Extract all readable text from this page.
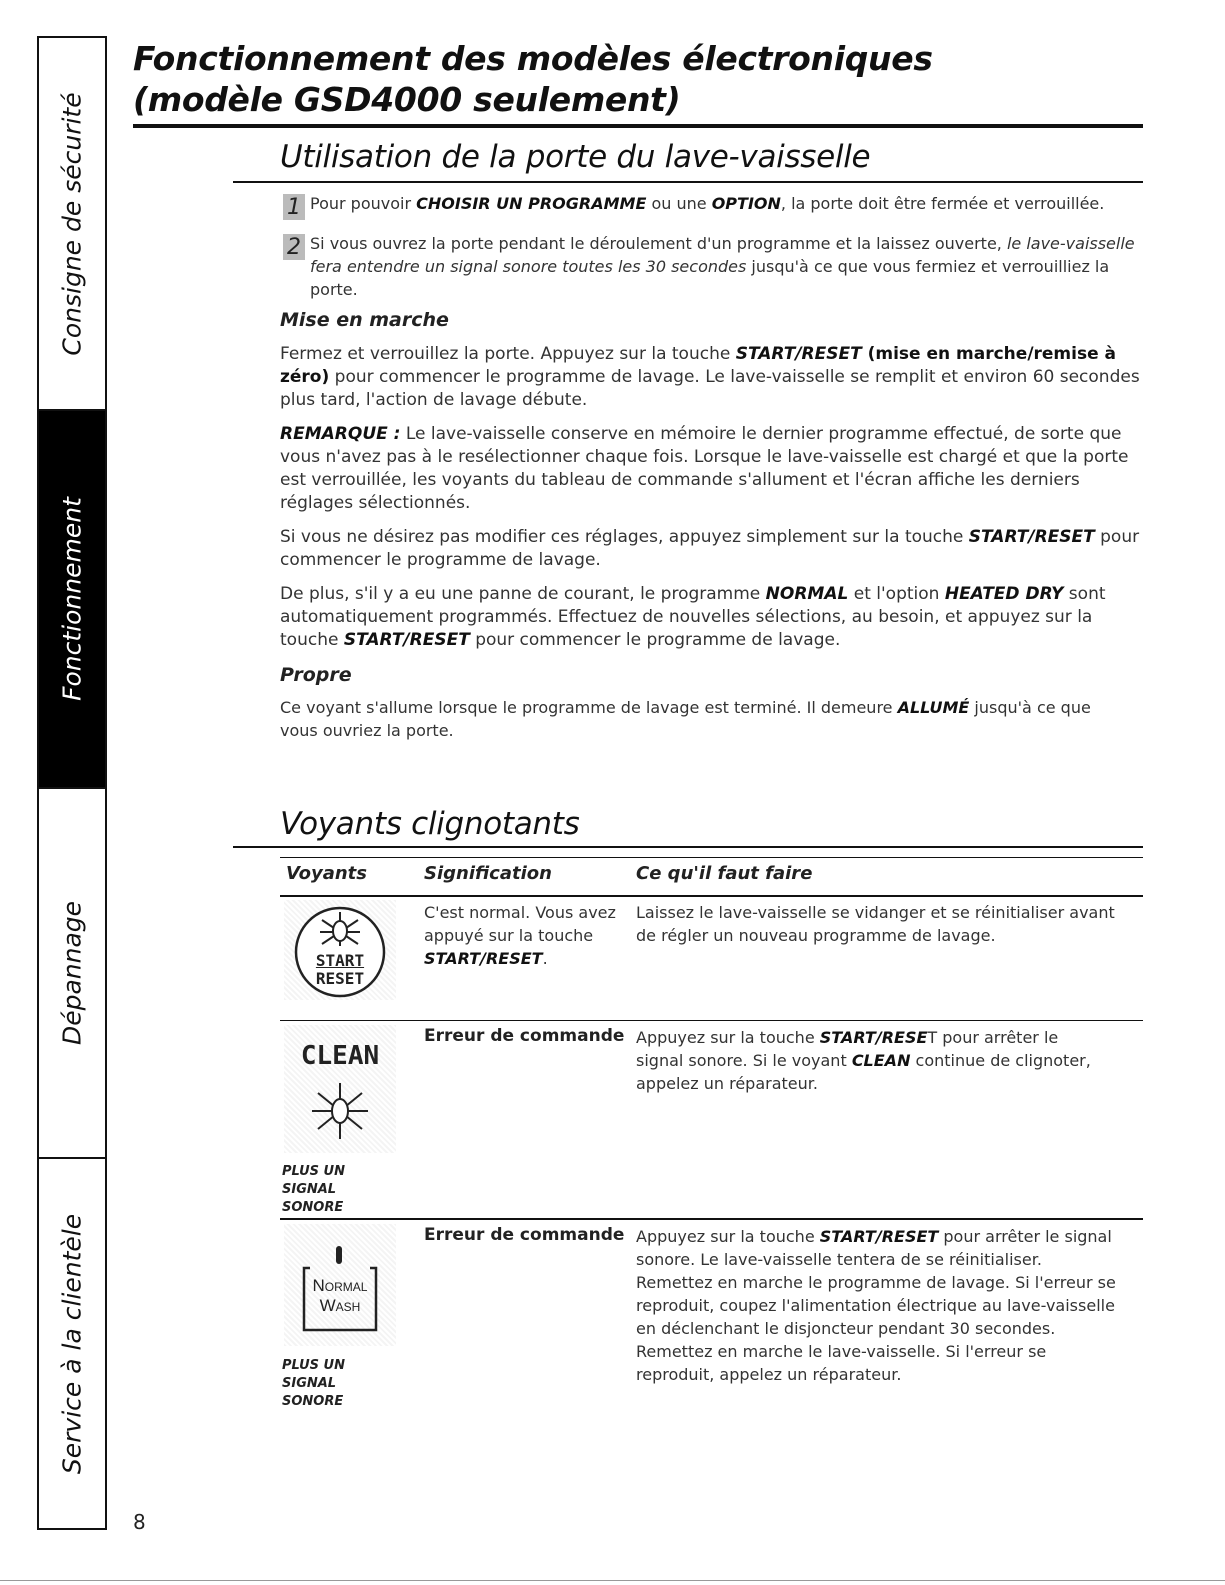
Consigne de sécurité
Fonctionnement
Dépannage
Service à la clientèle
Fonctionnement des modèles électroniques
(modèle GSD4000 seulement)
Utilisation de la porte du lave-vaisselle
1 Pour pouvoir CHOISIR UN PROGRAMME ou une OPTION, la porte doit être fermée et verrouillée.
2 Si vous ouvrez la porte pendant le déroulement d'un programme et la laissez ouverte, le lave-vaisselle fera entendre un signal sonore toutes les 30 secondes jusqu'à ce que vous fermiez et verrouilliez la porte.
Mise en marche
Fermez et verrouillez la porte. Appuyez sur la touche START/RESET (mise en marche/remise à zéro) pour commencer le programme de lavage. Le lave-vaisselle se remplit et environ 60 secondes plus tard, l'action de lavage débute.
REMARQUE : Le lave-vaisselle conserve en mémoire le dernier programme effectué, de sorte que vous n'avez pas à le resélectionner chaque fois. Lorsque le lave-vaisselle est chargé et que la porte est verrouillée, les voyants du tableau de commande s'allument et l'écran affiche les derniers réglages sélectionnés.
Si vous ne désirez pas modifier ces réglages, appuyez simplement sur la touche START/RESET pour commencer le programme de lavage.
De plus, s'il y a eu une panne de courant, le programme NORMAL et l'option HEATED DRY sont automatiquement programmés. Effectuez de nouvelles sélections, au besoin, et appuyez sur la touche START/RESET pour commencer le programme de lavage.
Propre
Ce voyant s'allume lorsque le programme de lavage est terminé. Il demeure ALLUMÉ jusqu'à ce que vous ouvriez la porte.
Voyants clignotants
Voyants	Signification	Ce qu'il faut faire
START
RESET
C'est normal. Vous avez appuyé sur la touche START/RESET.
Laissez le lave-vaisselle se vidanger et se réinitialiser avant de régler un nouveau programme de lavage.
CLEAN
PLUS UN
SIGNAL
SONORE
Erreur de commande Appuyez sur la touche START/RESET pour arrêter le signal sonore. Si le voyant CLEAN continue de clignoter, appelez un réparateur.
Normal
Wash
PLUS UN
SIGNAL
SONORE
Erreur de commande Appuyez sur la touche START/RESET pour arrêter le signal sonore. Le lave-vaisselle tentera de se réinitialiser. Remettez en marche le programme de lavage. Si l'erreur se reproduit, coupez l'alimentation électrique au lave-vaisselle en déclenchant le disjoncteur pendant 30 secondes. Remettez en marche le lave-vaisselle. Si l'erreur se reproduit, appelez un réparateur.
8
